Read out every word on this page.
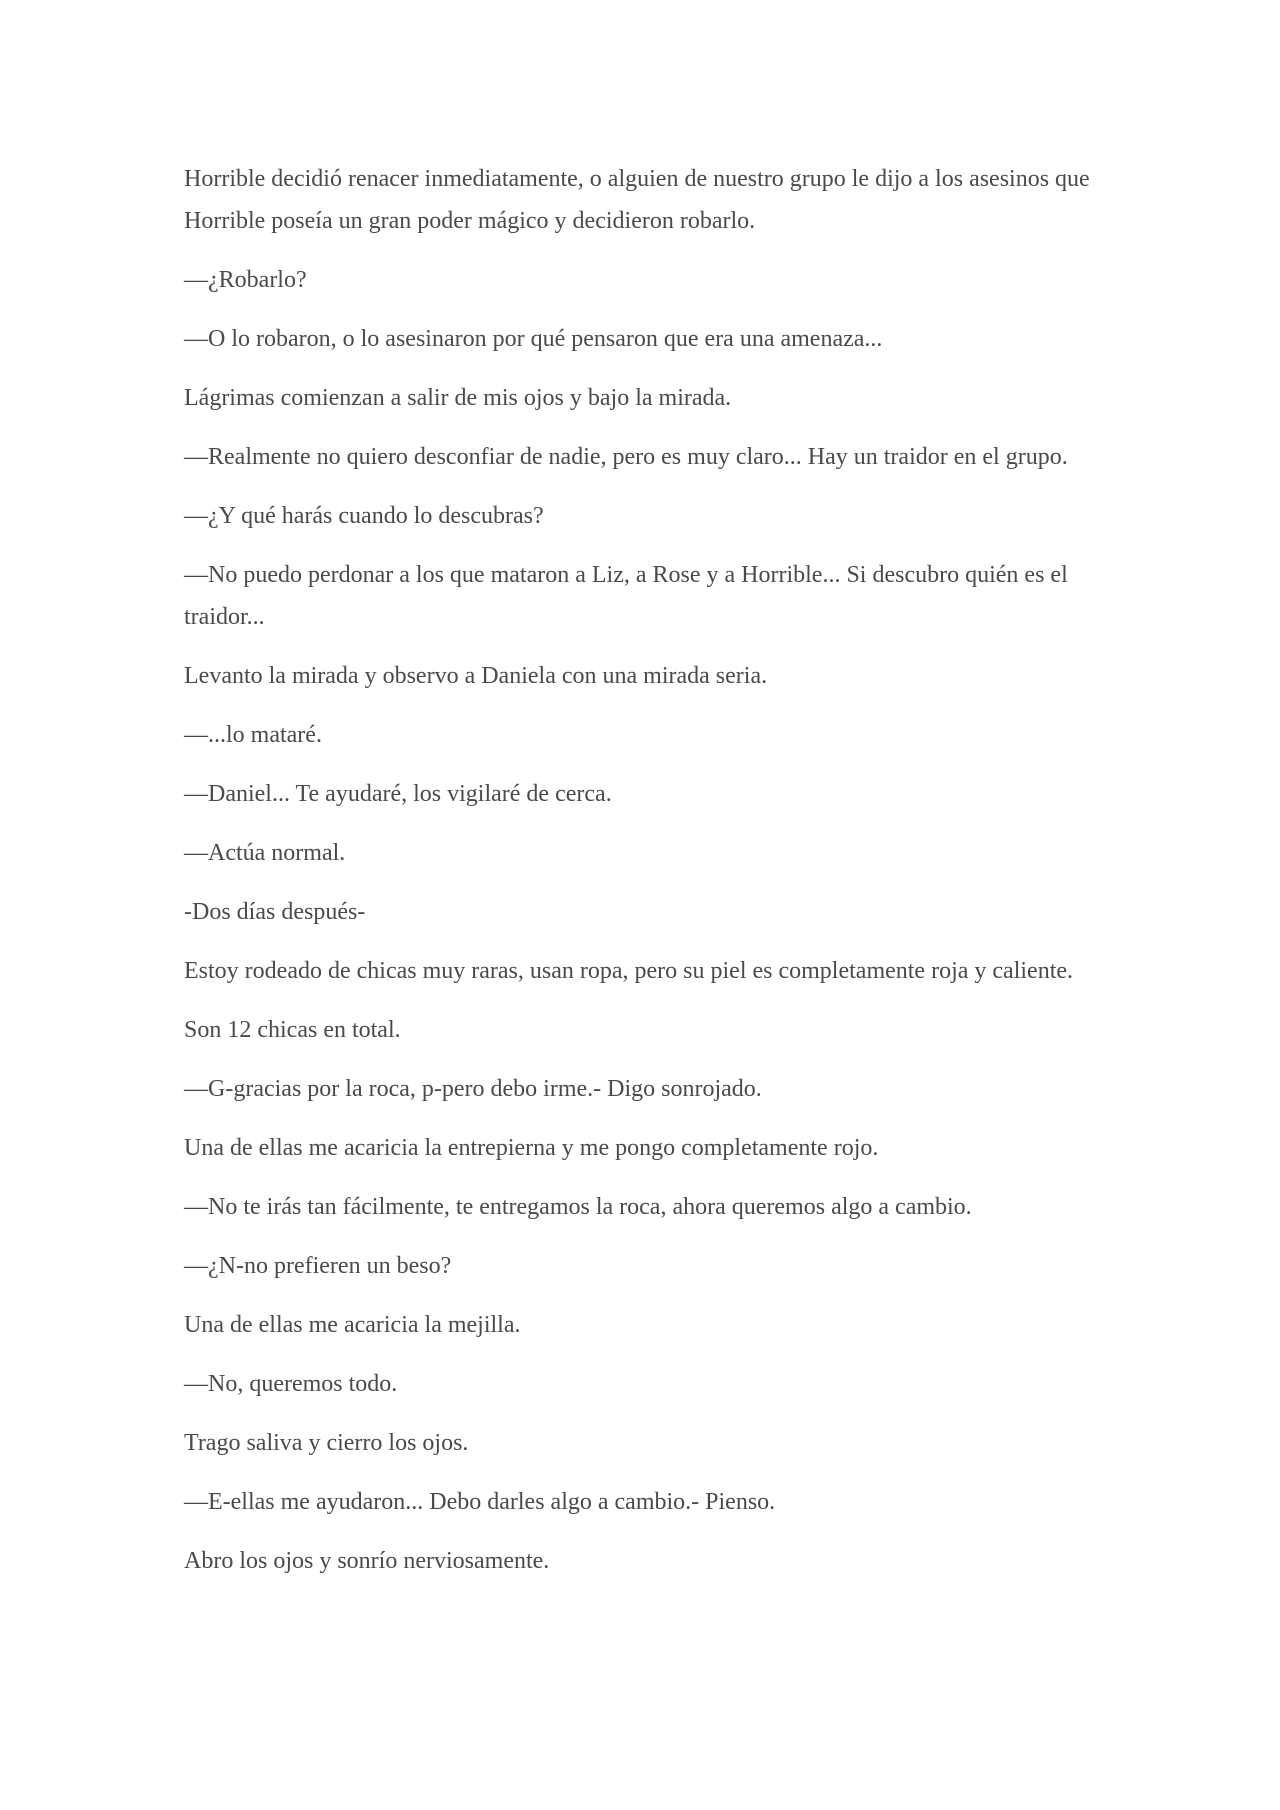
Horrible decidió renacer inmediatamente, o alguien de nuestro grupo le dijo a los asesinos que Horrible poseía un gran poder mágico y decidieron robarlo.

—¿Robarlo?

—O lo robaron, o lo asesinaron por qué pensaron que era una amenaza...

Lágrimas comienzan a salir de mis ojos y bajo la mirada.

—Realmente no quiero desconfiar de nadie, pero es muy claro... Hay un traidor en el grupo.

—¿Y qué harás cuando lo descubras?

—No puedo perdonar a los que mataron a Liz, a Rose y a Horrible... Si descubro quién es el traidor...

Levanto la mirada y observo a Daniela con una mirada seria.

—...lo mataré.

—Daniel... Te ayudaré, los vigilaré de cerca.

—Actúa normal.

-Dos días después-

Estoy rodeado de chicas muy raras, usan ropa, pero su piel es completamente roja y caliente.

Son 12 chicas en total.

—G-gracias por la roca, p-pero debo irme.- Digo sonrojado.

Una de ellas me acaricia la entrepierna y me pongo completamente rojo.

—No te irás tan fácilmente, te entregamos la roca, ahora queremos algo a cambio.

—¿N-no prefieren un beso?

Una de ellas me acaricia la mejilla.

—No, queremos todo.

Trago saliva y cierro los ojos.

—E-ellas me ayudaron... Debo darles algo a cambio.- Pienso.

Abro los ojos y sonrío nerviosamente.
